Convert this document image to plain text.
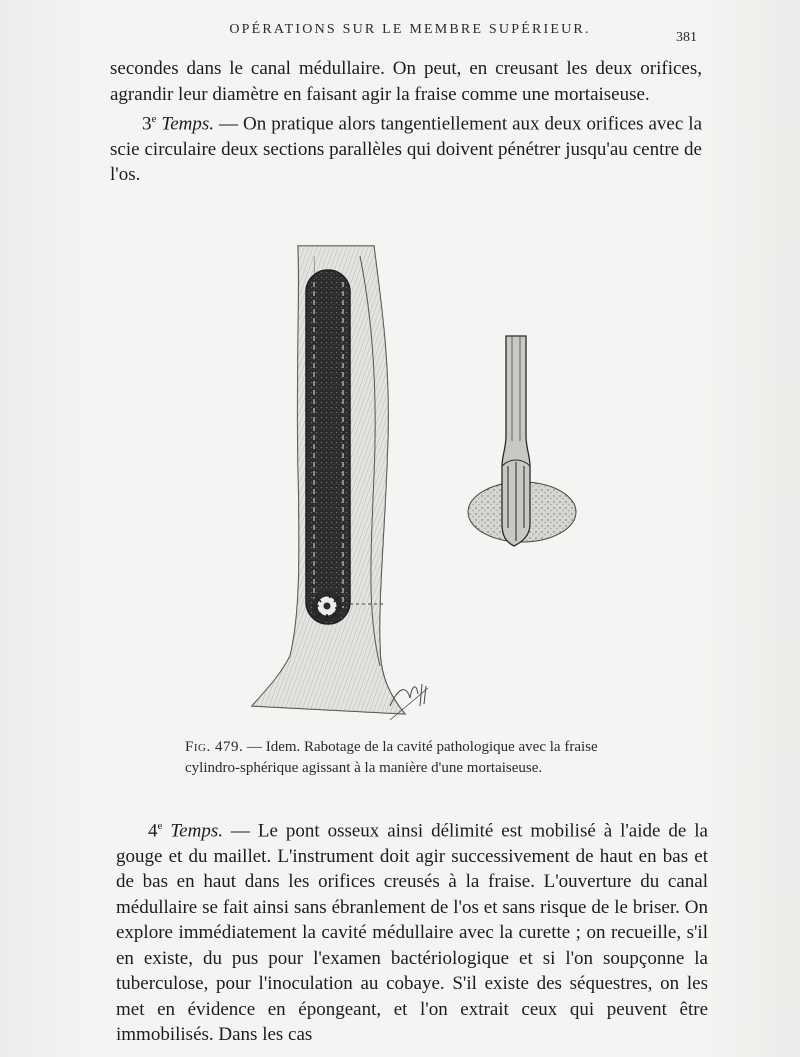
OPÉRATIONS SUR LE MEMBRE SUPÉRIEUR.
381

secondes dans le canal médullaire. On peut, en creusant les deux orifices, agrandir leur diamètre en faisant agir la fraise comme une mortaiseuse.

3e Temps. — On pratique alors tangentiellement aux deux orifices avec la scie circulaire deux sections parallèles qui doivent pénétrer jusqu'au centre de l'os.

Fig. 479. — Idem. Rabotage de la cavité pathologique avec la fraise cylindro-sphérique agissant à la manière d'une mortaiseuse.

4e Temps. — Le pont osseux ainsi délimité est mobilisé à l'aide de la gouge et du maillet. L'instrument doit agir successivement de haut en bas et de bas en haut dans les orifices creusés à la fraise. L'ouverture du canal médullaire se fait ainsi sans ébranlement de l'os et sans risque de le briser. On explore immédiatement la cavité médullaire avec la curette ; on recueille, s'il en existe, du pus pour l'examen bactériologique et si l'on soupçonne la tuberculose, pour l'inoculation au cobaye. S'il existe des séquestres, on les met en évidence en épongeant, et l'on extrait ceux qui peuvent être immobilisés. Dans les cas
